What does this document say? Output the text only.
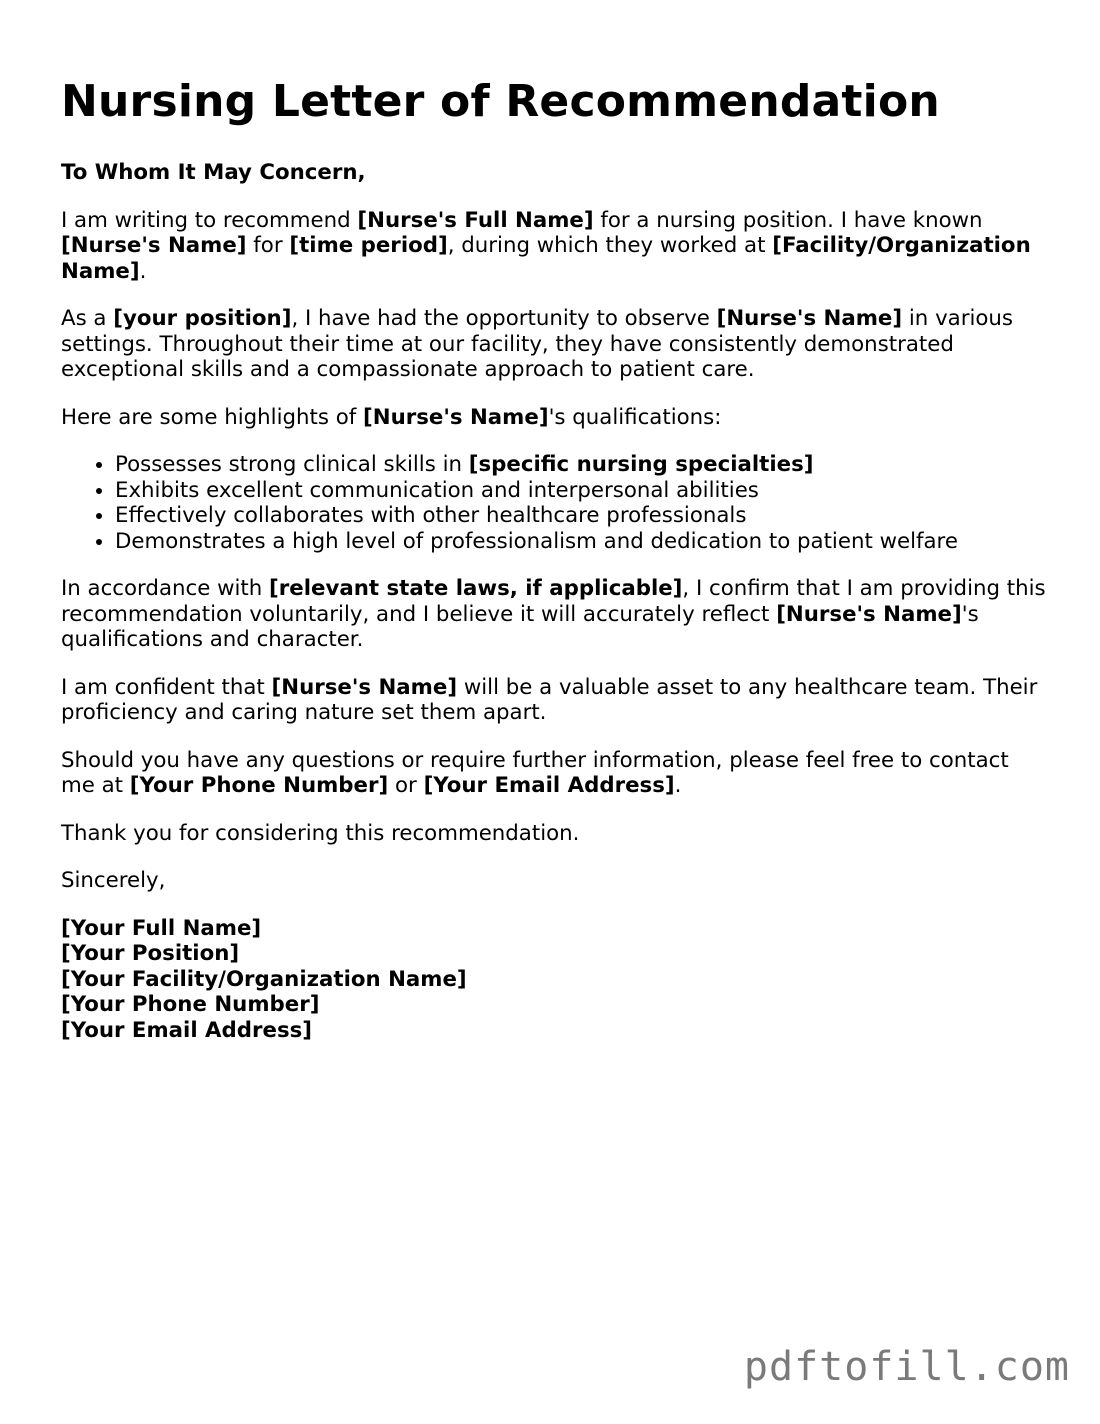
Nursing Letter of Recommendation

To Whom It May Concern,

I am writing to recommend [Nurse's Full Name] for a nursing position. I have known [Nurse's Name] for [time period], during which they worked at [Facility/Organization Name].

As a [your position], I have had the opportunity to observe [Nurse's Name] in various settings. Throughout their time at our facility, they have consistently demonstrated exceptional skills and a compassionate approach to patient care.

Here are some highlights of [Nurse's Name]'s qualifications:

• Possesses strong clinical skills in [specific nursing specialties]
• Exhibits excellent communication and interpersonal abilities
• Effectively collaborates with other healthcare professionals
• Demonstrates a high level of professionalism and dedication to patient welfare

In accordance with [relevant state laws, if applicable], I confirm that I am providing this recommendation voluntarily, and I believe it will accurately reflect [Nurse's Name]'s qualifications and character.

I am confident that [Nurse's Name] will be a valuable asset to any healthcare team. Their proficiency and caring nature set them apart.

Should you have any questions or require further information, please feel free to contact me at [Your Phone Number] or [Your Email Address].

Thank you for considering this recommendation.

Sincerely,

[Your Full Name]
[Your Position]
[Your Facility/Organization Name]
[Your Phone Number]
[Your Email Address]
pdftofill.com
